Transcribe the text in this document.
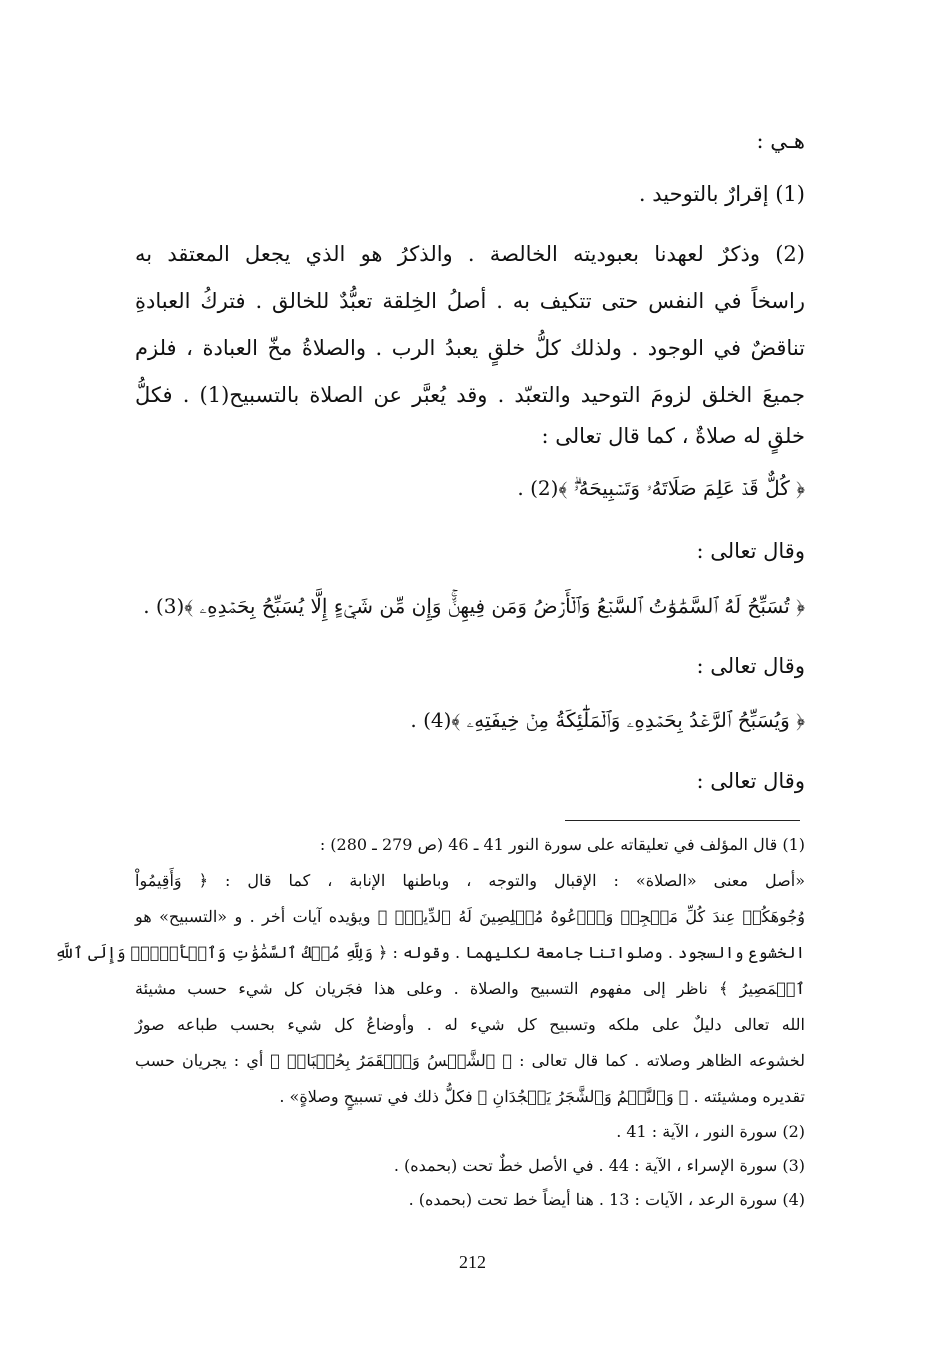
هـي :
(1) إقرارٌ بالتوحيد .
(2) وذكرٌ لعهدنا بعبوديته الخالصة . والذكرُ هو الذي يجعل المعتقد به
راسخاً في النفس حتى تتكيف به . أصلُ الخِلقة تعبُّدٌ للخالق . فتركُ العبادةِ
تناقضٌ في الوجود . ولذلك كلُّ خلقٍ يعبدُ الرب . والصلاةُ مخّ العبادة ، فلزم
جميعَ الخلق لزومَ التوحيد والتعبّد . وقد يُعبَّر عن الصلاة بالتسبيح(1) . فكلُّ
خلقٍ له صلاةٌ ، كما قال تعالى :
﴿ كُلٌّ قَدۡ عَلِمَ صَلَاتَهُۥ وَتَسۡبِيحَهُۥۗ ﴾(2) .
وقال تعالى :
﴿ تُسَبِّحُ لَهُ ٱلسَّمَٰوَٰتُ ٱلسَّبۡعُ وَٱلۡأَرۡضُ وَمَن فِيهِنَّۚ وَإِن مِّن شَيۡءٍ إِلَّا يُسَبِّحُ بِحَمۡدِهِۦ ﴾(3) .
وقال تعالى :
﴿ وَيُسَبِّحُ ٱلرَّعۡدُ بِحَمۡدِهِۦ وَٱلۡمَلَٰٓئِكَةُ مِنۡ خِيفَتِهِۦ ﴾(4) .
وقال تعالى :
(1) قال المؤلف في تعليقاته على سورة النور 41 ـ 46 (ص 279 ـ 280) :
«أصل معنى «الصلاة» : الإقبال والتوجه ، وباطنها الإنابة ، كما قال : ﴿ وَأَقِيمُواْ
وُجُوهَكُمۡ عِندَ كُلِّ مَسۡجِدٖ وَٱدۡعُوهُ مُخۡلِصِينَ لَهُ ٱلدِّينَۚ ﴾ ويؤيده آيات أخر . و «التسبيح» هو
الخشوع والسجود . وصلواتنا جامعة لكليهما . وقوله : ﴿ وَلِلَّهِ مُلۡكُ ٱلسَّمَٰوَٰتِ وَٱلۡأَرۡضِۖ وَإِلَى ٱللَّهِ
ٱلۡمَصِيرُ ﴾ ناظر إلى مفهوم التسبيح والصلاة . وعلى هذا فجَريان كل شيء حسب مشيئة
الله تعالى دليلٌ على ملكه وتسبيح كل شيء له . وأوضاعُ كل شيء بحسب طباعه صورٌ
لخشوعه الظاهر وصلاته . كما قال تعالى : ﴿ ٱلشَّمۡسُ وَٱلۡقَمَرُ بِحُسۡبَانٖ ﴾ أي : يجريان حسب
تقديره ومشيئته . ﴿ وَٱلنَّجۡمُ وَٱلشَّجَرُ يَسۡجُدَانِ ﴾ فكلُّ ذلك في تسبيحٍ وصلاةٍ» .
(2) سورة النور ، الآية : 41 .
(3) سورة الإسراء ، الآية : 44 . في الأصل خطٌ تحت (بحمده) .
(4) سورة الرعد ، الآيات : 13 . هنا أيضاً خط تحت (بحمده) .
212
